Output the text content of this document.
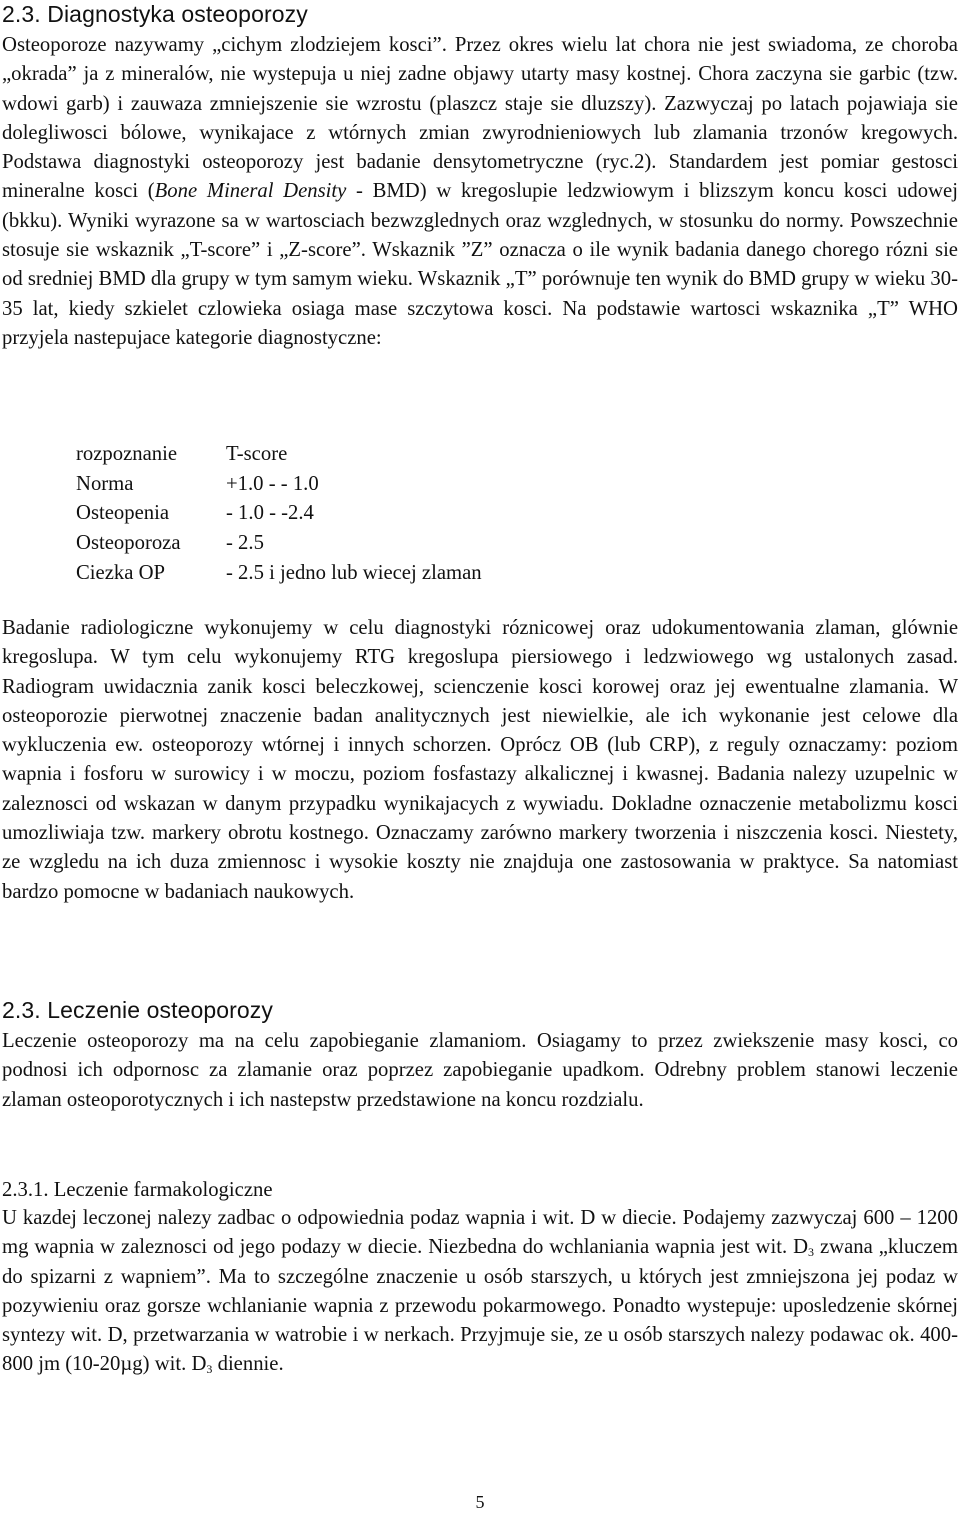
2.3. Diagnostyka osteoporozy

Osteoporoze nazywamy „cichym zlodziejem kosci”. Przez okres wielu lat chora nie jest swiadoma, ze choroba „okrada” ja z mineralów, nie wystepuja u niej zadne objawy utarty masy kostnej. Chora zaczyna sie garbic (tzw. wdowi garb) i zauwaza zmniejszenie sie wzrostu (plaszcz staje sie dluzszy). Zazwyczaj po latach pojawiaja sie dolegliwosci bólowe, wynikajace z wtórnych zmian zwyrodnieniowych lub zlamania trzonów kregowych. Podstawa diagnostyki osteoporozy jest badanie densytometryczne (ryc.2). Standardem jest pomiar gestosci mineralne kosci (Bone Mineral Density - BMD) w kregoslupie ledzwiowym i blizszym koncu kosci udowej (bkku). Wyniki wyrazone sa w wartosciach bezwzglednych oraz wzglednych, w stosunku do normy. Powszechnie stosuje sie wskaznik „T-score” i „Z-score”. Wskaznik ”Z” oznacza o ile wynik badania danego chorego rózni sie od sredniej BMD dla grupy w tym samym wieku. Wskaznik „T” porównuje ten wynik do BMD grupy w wieku 30-35 lat, kiedy szkielet czlowieka osiaga mase szczytowa kosci. Na podstawie wartosci wskaznika „T” WHO przyjela nastepujace kategorie diagnostyczne:

rozpoznanie	T-score
Norma	+1.0 - - 1.0
Osteopenia	- 1.0 - -2.4
Osteoporoza	- 2.5
Ciezka OP	- 2.5 i jedno lub wiecej zlaman

Badanie radiologiczne wykonujemy w celu diagnostyki róznicowej oraz udokumentowania zlaman, glównie kregoslupa. W tym celu wykonujemy RTG kregoslupa piersiowego i ledzwiowego wg ustalonych zasad. Radiogram uwidacznia zanik kosci beleczkowej, scienczenie kosci korowej oraz jej ewentualne zlamania. W osteoporozie pierwotnej znaczenie badan analitycznych jest niewielkie, ale ich wykonanie jest celowe dla wykluczenia ew. osteoporozy wtórnej i innych schorzen. Oprócz OB (lub CRP), z reguly oznaczamy: poziom wapnia i fosforu w surowicy i w moczu, poziom fosfastazy alkalicznej i kwasnej. Badania nalezy uzupelnic w zaleznosci od wskazan w danym przypadku wynikajacych z wywiadu. Dokladne oznaczenie metabolizmu kosci umozliwiaja tzw. markery obrotu kostnego. Oznaczamy zarówno markery tworzenia i niszczenia kosci. Niestety, ze wzgledu na ich duza zmiennosc i wysokie koszty nie znajduja one zastosowania w praktyce. Sa natomiast bardzo pomocne w badaniach naukowych.

2.3. Leczenie osteoporozy

Leczenie osteoporozy ma na celu zapobieganie zlamaniom. Osiagamy to przez zwiekszenie masy kosci, co podnosi ich odpornosc za zlamanie oraz poprzez zapobieganie upadkom. Odrebny problem stanowi leczenie zlaman osteoporotycznych i ich nastepstw przedstawione na koncu rozdzialu.

2.3.1. Leczenie farmakologiczne

U kazdej leczonej nalezy zadbac o odpowiednia podaz wapnia i wit. D w diecie. Podajemy zazwyczaj 600 – 1200 mg wapnia w zaleznosci od jego podazy w diecie. Niezbedna do wchlaniania wapnia jest wit. $D_3$ zwana „kluczem do spizarni z wapniem”. Ma to szczególne znaczenie u osób starszych, u których jest zmniejszona jej podaz w pozywieniu oraz gorsze wchlanianie wapnia z przewodu pokarmowego. Ponadto wystepuje: uposledzenie skórnej syntezy wit. D, przetwarzania w watrobie i w nerkach. Przyjmuje sie, ze u osób starszych nalezy podawac ok. 400- 800 jm (10-20µg) wit. $D_3$ diennie.

5
